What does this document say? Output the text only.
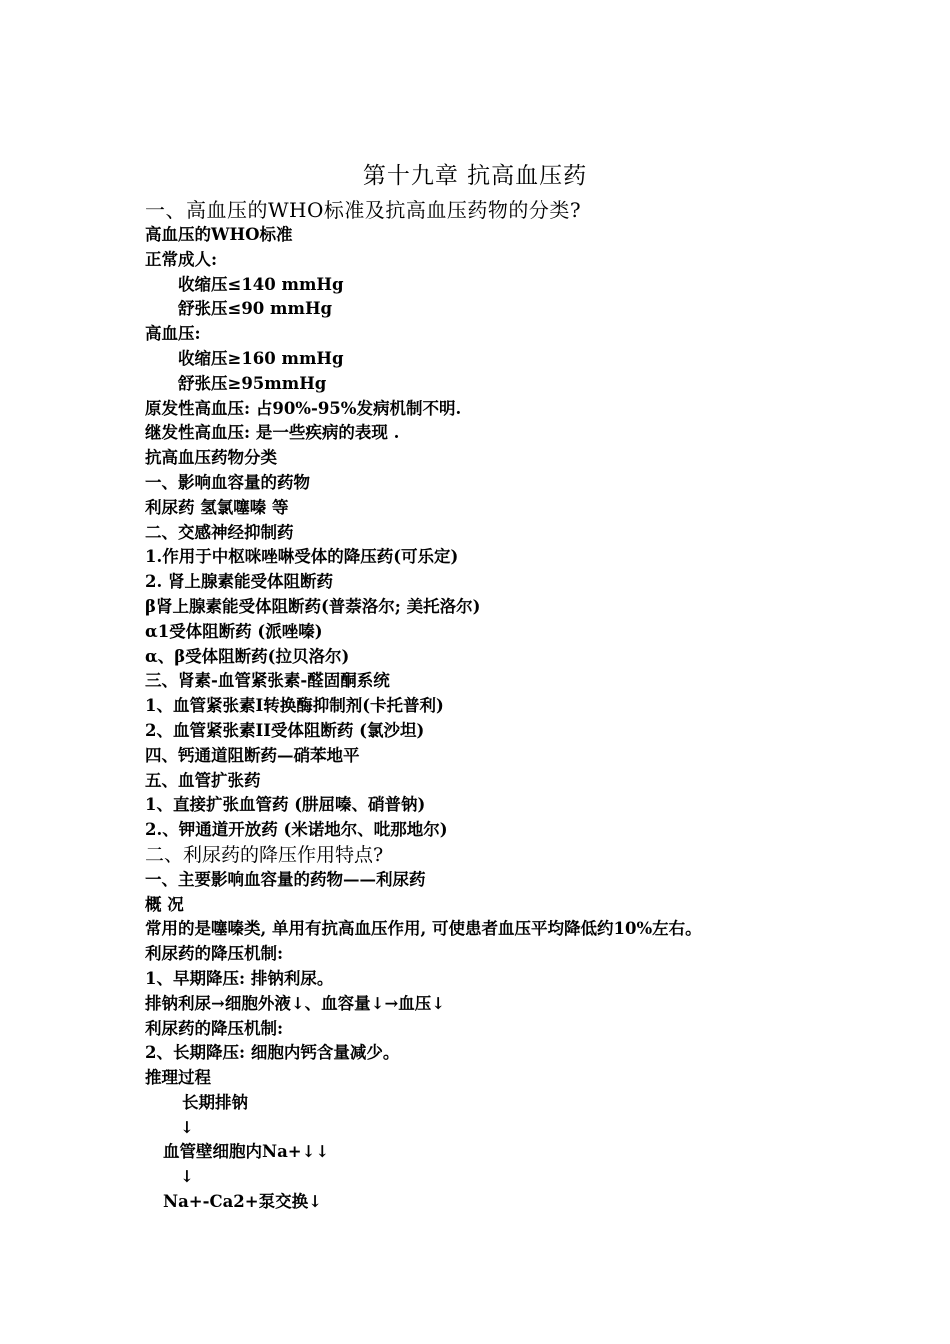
第十九章 抗高血压药
一、高血压的WHO标准及抗高血压药物的分类?
高血压的WHO标准
正常成人:
收缩压≤140 mmHg
舒张压≤90 mmHg
高血压:
收缩压≥160 mmHg
舒张压≥95mmHg
原发性高血压: 占90%-95%发病机制不明.
继发性高血压: 是一些疾病的表现 .
抗高血压药物分类
一、影响血容量的药物
利尿药 氢氯噻嗪 等
二、交感神经抑制药
1.作用于中枢咪唑啉受体的降压药(可乐定)
2. 肾上腺素能受体阻断药
β肾上腺素能受体阻断药(普萘洛尔; 美托洛尔)
α1受体阻断药 (派唑嗪)
α、β受体阻断药(拉贝洛尔)
三、肾素-血管紧张素-醛固酮系统
1、血管紧张素I转换酶抑制剂(卡托普利)
2、血管紧张素II受体阻断药 (氯沙坦)
四、钙通道阻断药—硝苯地平
五、血管扩张药
1、直接扩张血管药 (肼屈嗪、硝普钠)
2.、钾通道开放药 (米诺地尔、吡那地尔)
二、利尿药的降压作用特点?
一、主要影响血容量的药物——利尿药
概 况
常用的是噻嗪类, 单用有抗高血压作用, 可使患者血压平均降低约10%左右。
利尿药的降压机制:
1、早期降压: 排钠利尿。
排钠利尿→细胞外液↓、血容量↓→血压↓
利尿药的降压机制:
2、长期降压: 细胞内钙含量减少。
推理过程
长期排钠
↓
血管壁细胞内Na+↓↓
↓
Na+-Ca2+泵交换↓
